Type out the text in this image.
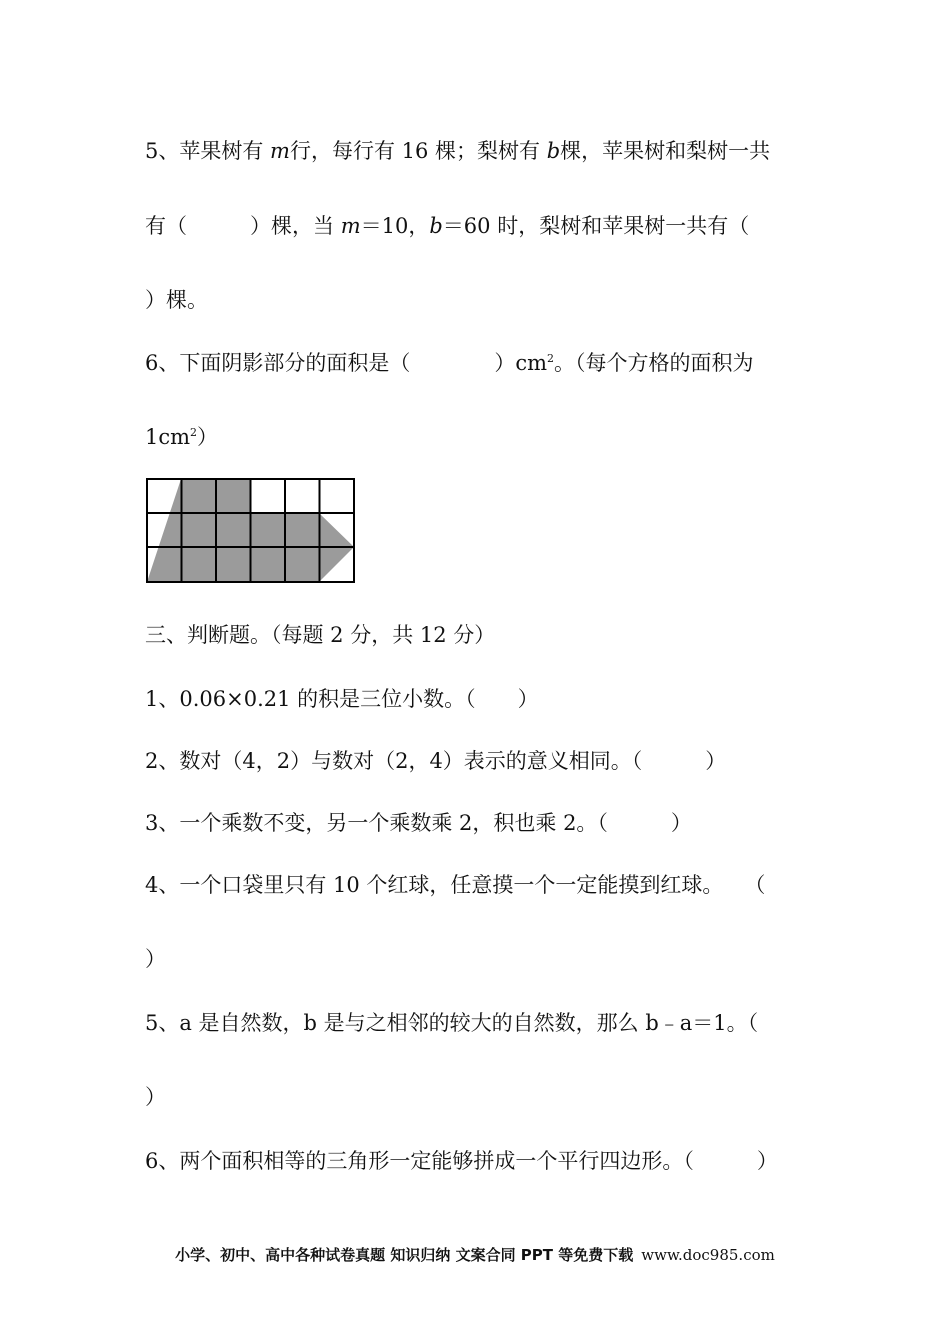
5、苹果树有 m行，每行有 16 棵；梨树有 b棵，苹果树和梨树一共
有（　　　）棵，当 m＝10，b＝60 时，梨树和苹果树一共有（
）棵。
6、下面阴影部分的面积是（　　　　）$cm^2$。（每个方格的面积为
$1cm^2$）
三、判断题。（每题 2 分，共 12 分）
1、0.06×0.21 的积是三位小数。（　　）
2、数对（4，2）与数对（2，4）表示的意义相同。（　　　）
3、一个乘数不变，另一个乘数乘 2，积也乘 2。（　　　）
4、一个口袋里只有 10 个红球，任意摸一个一定能摸到红球。　　（
）
5、a 是自然数，b 是与之相邻的较大的自然数，那么 b﹣a＝1。（
）
6、两个面积相等的三角形一定能够拼成一个平行四边形。（　　　）
小学、初中、高中各种试卷真题 知识归纳 文案合同 PPT 等免费下载 www.doc985.com
